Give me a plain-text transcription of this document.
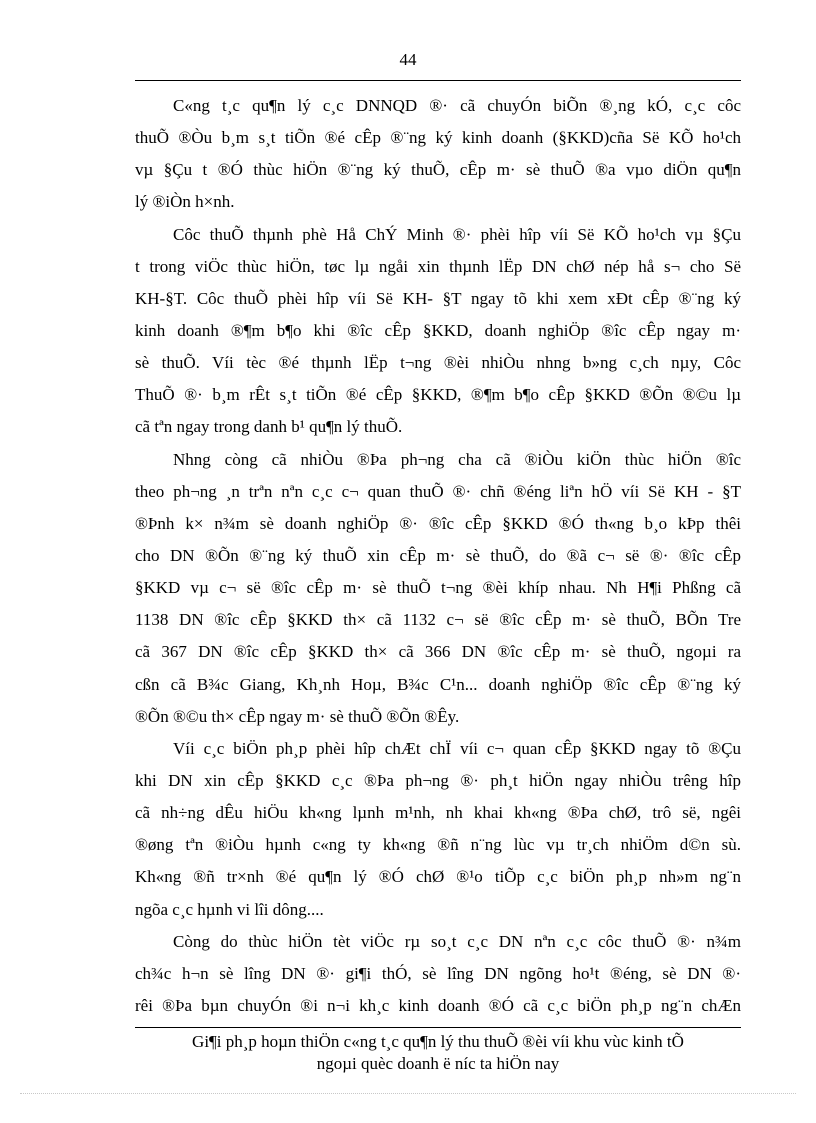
44
C«ng t¸c qu¶n lý c¸c DNNQD ®· cã chuyÓn biÕn ®¸ng kÓ, c¸c côc
thuÕ ®Òu b¸m s¸t tiÕn ®é cÊp ®¨ng ký kinh doanh (§KKD)cña Së KÕ ho¹ch
vµ §Çu t ®Ó thùc hiÖn ®¨ng ký thuÕ, cÊp m· sè thuÕ ®a vµo diÖn qu¶n
lý ®iÒn h×nh.
Côc thuÕ thµnh phè Hå ChÝ Minh ®· phèi hîp víi Së KÕ ho¹ch vµ §Çu
t trong viÖc thùc hiÖn, tøc lµ ngåi xin thµnh lËp DN chØ nép hå s¬ cho Së
KH-§T. Côc thuÕ phèi hîp víi Së KH- §T ngay tõ khi xem xÐt cÊp ®¨ng ký
kinh doanh ®¶m b¶o khi ®îc cÊp §KKD, doanh nghiÖp ®îc cÊp ngay m·
sè thuÕ. Víi tèc ®é thµnh lËp t¬ng ®èi nhiÒu nhng b»ng c¸ch nµy, Côc
ThuÕ ®· b¸m rÊt s¸t tiÕn ®é cÊp §KKD, ®¶m b¶o cÊp §KKD ®Õn ®©u lµ
cã tªn ngay trong danh b¹ qu¶n lý thuÕ.
Nhng còng cã nhiÒu ®Þa ph¬ng cha cã ®iÒu kiÖn thùc hiÖn ®îc
theo ph¬ng ¸n trªn nªn c¸c c¬ quan thuÕ ®· chñ ®éng liªn hÖ víi Së KH - §T
®Þnh k× n¾m sè doanh nghiÖp ®· ®îc cÊp §KKD ®Ó th«ng b¸o kÞp thêi
cho DN ®Õn ®¨ng ký thuÕ xin cÊp m· sè thuÕ, do ®ã c¬ së ®· ®îc cÊp
§KKD vµ c¬ së ®îc cÊp m· sè thuÕ t¬ng ®èi khíp nhau. Nh H¶i Phßng cã
1138 DN ®îc cÊp §KKD th× cã 1132 c¬ së ®îc cÊp m· sè thuÕ, BÕn Tre
cã 367 DN ®îc cÊp §KKD th× cã 366 DN ®îc cÊp m· sè thuÕ, ngoµi ra
cßn cã B¾c Giang, Kh¸nh Hoµ, B¾c C¹n... doanh nghiÖp ®îc cÊp ®¨ng ký
®Õn ®©u th× cÊp ngay m· sè thuÕ ®Õn ®Êy.
Víi c¸c biÖn ph¸p phèi hîp chÆt chÏ víi c¬ quan cÊp §KKD ngay tõ ®Çu
khi DN xin cÊp §KKD c¸c ®Þa ph¬ng ®· ph¸t hiÖn ngay nhiÒu trêng hîp
cã nh÷ng dÊu hiÖu kh«ng lµnh m¹nh, nh khai kh«ng ®Þa chØ, trô së, ngêi
®øng tªn ®iÒu hµnh c«ng ty kh«ng ®ñ n¨ng lùc vµ tr¸ch nhiÖm d©n sù.
Kh«ng ®ñ tr×nh ®é qu¶n lý ®Ó chØ ®¹o tiÕp c¸c biÖn ph¸p nh»m ng¨n
ngõa c¸c hµnh vi lîi dông....
Còng do thùc hiÖn tèt viÖc rµ so¸t c¸c DN nªn c¸c côc thuÕ ®· n¾m
ch¾c h¬n sè lîng DN ®· gi¶i thÓ, sè lîng DN ngõng ho¹t ®éng, sè DN ®·
rêi ®Þa bµn chuyÓn ®i n¬i kh¸c kinh doanh ®Ó cã c¸c biÖn ph¸p ng¨n chÆn
Gi¶i ph¸p hoµn thiÖn c«ng t¸c qu¶n lý thu thuÕ ®èi víi khu vùc kinh tÕ
ngoµi quèc doanh ë níc ta hiÖn nay
